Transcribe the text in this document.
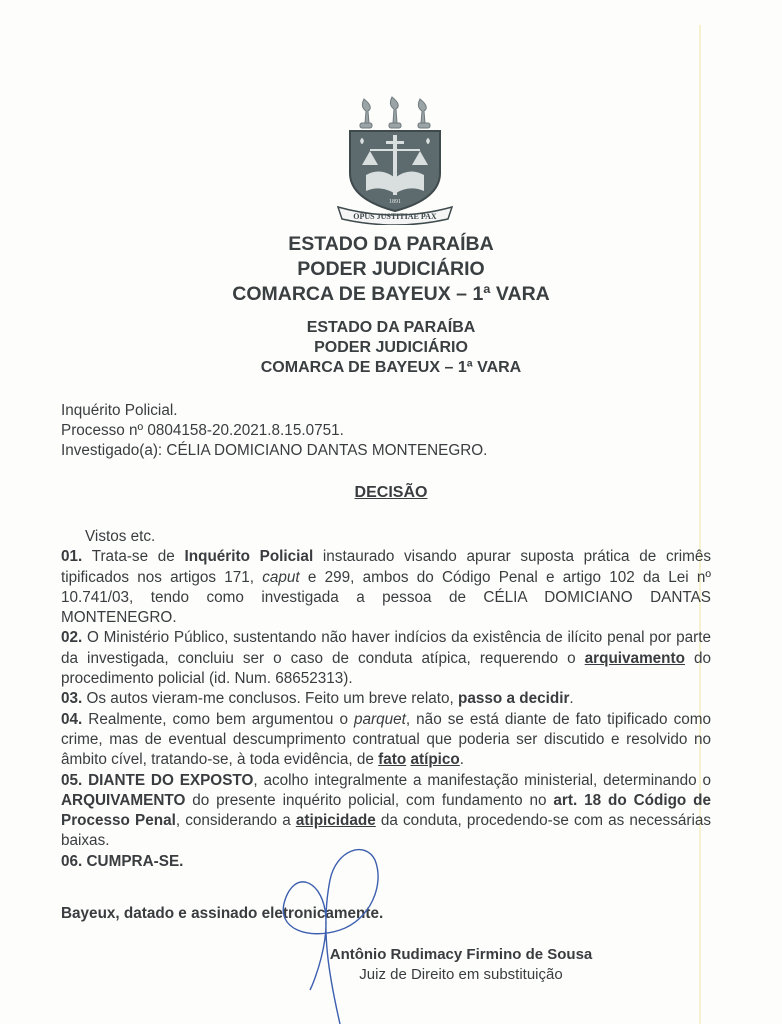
1891
OPUS JUSTITIAE PAX
ESTADO DA PARAÍBA
PODER JUDICIÁRIO
COMARCA DE BAYEUX – 1ª VARA
ESTADO DA PARAÍBA
PODER JUDICIÁRIO
COMARCA DE BAYEUX – 1ª VARA
Inquérito Policial.
Processo nº 0804158-20.2021.8.15.0751.
Investigado(a): CÉLIA DOMICIANO DANTAS MONTENEGRO.
DECISÃO

Vistos etc.

01. Trata-se de Inquérito Policial instaurado visando apurar suposta prática de crimês tipificados nos artigos 171, caput e 299, ambos do Código Penal e artigo 102 da Lei nº 10.741/03, tendo como investigada a pessoa de CÉLIA DOMICIANO DANTAS MONTENEGRO.

02. O Ministério Público, sustentando não haver indícios da existência de ilícito penal por parte da investigada, concluiu ser o caso de conduta atípica, requerendo o arquivamento do procedimento policial (id. Num. 68652313).

03. Os autos vieram-me conclusos. Feito um breve relato, passo a decidir.

04. Realmente, como bem argumentou o parquet, não se está diante de fato tipificado como crime, mas de eventual descumprimento contratual que poderia ser discutido e resolvido no âmbito cível, tratando-se, à toda evidência, de fato atípico.

05. DIANTE DO EXPOSTO, acolho integralmente a manifestação ministerial, determinando o ARQUIVAMENTO do presente inquérito policial, com fundamento no art. 18 do Código de Processo Penal, considerando a atipicidade da conduta, procedendo-se com as necessárias baixas.

06. CUMPRA-SE.

Bayeux, datado e assinado eletronicamente.
Antônio Rudimacy Firmino de Sousa
Juiz de Direito em substituição
